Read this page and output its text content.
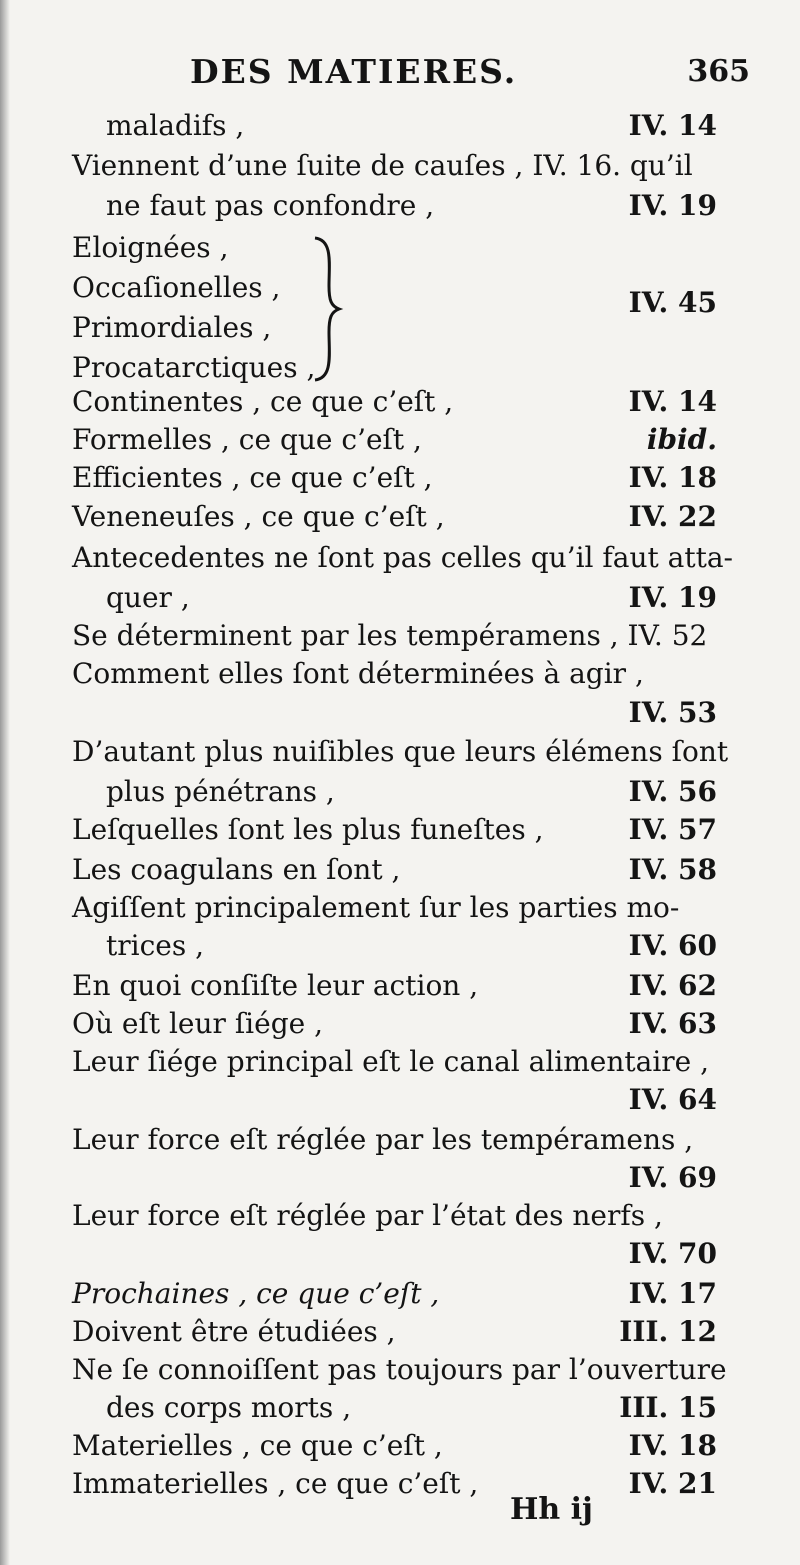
DES MATIERES.	365
maladifs ,	IV. 14
Viennent d’une ſuite de cauſes , IV. 16. qu’il
ne faut pas confondre ,	IV. 19
Eloignées ,
Occaſionelles ,
Primordiales ,
Procatarctiques ,
IV. 45
Continentes , ce que c’eſt ,	IV. 14
Formelles , ce que c’eſt ,	ibid.
Efficientes , ce que c’eſt ,	IV. 18
Veneneuſes , ce que c’eſt ,	IV. 22
Antecedentes ne ſont pas celles qu’il faut atta-
quer ,	IV. 19
Se déterminent par les tempéramens , IV. 52
Comment elles ſont déterminées à agir ,
IV. 53
D’autant plus nuiſibles que leurs élémens ſont
plus pénétrans ,	IV. 56
Leſquelles ſont les plus funeſtes ,	IV. 57
Les coagulans en ſont ,	IV. 58
Agiſſent principalement ſur les parties mo-
trices ,	IV. 60
En quoi conſiſte leur action ,	IV. 62
Où eſt leur ſiége ,	IV. 63
Leur ſiége principal eſt le canal alimentaire ,
IV. 64
Leur force eſt réglée par les tempéramens ,
IV. 69
Leur force eſt réglée par l’état des nerfs ,
IV. 70
Prochaines , ce que c’eſt ,	IV. 17
Doivent être étudiées ,	III. 12
Ne ſe connoiſſent pas toujours par l’ouverture
des corps morts ,	III. 15
Materielles , ce que c’eſt ,	IV. 18
Immaterielles , ce que c’eſt ,	IV. 21
Hh ij
